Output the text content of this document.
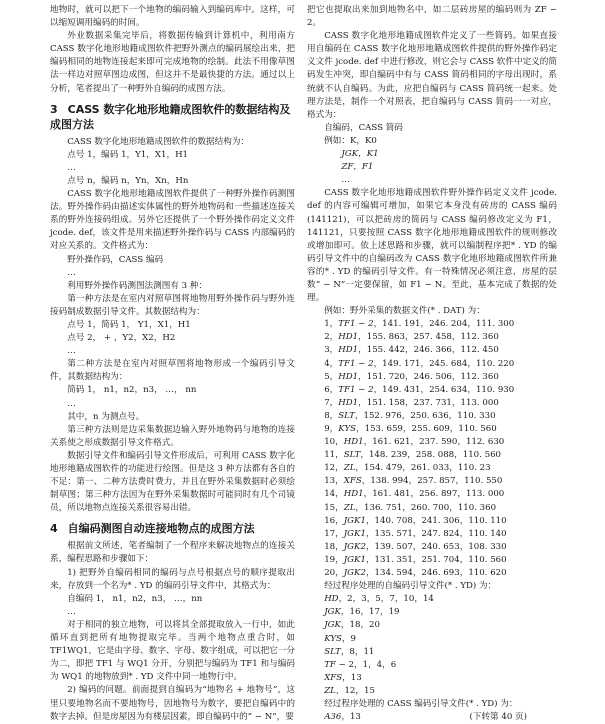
地物时，就可以把下一个地物的编码输入到编码库中。这样，可以缩短调用编码的时间。

外业数据采集完毕后，将数据传输到计算机中，利用南方CASS 数字化地形地籍成图软件把野外测点的编码展绘出来，把编码相同的地物连接起来即可完成地物的绘制。此法不用像草图法一样边对照草图边成图，但这并不是最快捷的方法。通过以上分析，笔者提出了一种野外自编码的成图方法。

3 CASS 数字化地形地籍成图软件的数据结构及成图方法

CASS 数字化地形地籍成图软件的数据结构为：

点号 1，编码 1，Y1，X1，H1

…

点号 n，编码 n，Yn，Xn，Hn

CASS 数字化地形地籍成图软件提供了一种野外操作码测图法。野外操作码由描述实体属性的野外地物码和一些描述连接关系的野外连接码组成。另外它还提供了一个野外操作码定义文件 jcode. def，该文件是用来描述野外操作码与 CASS 内部编码的对应关系的。文件格式为：

野外操作码，CASS 编码

…

利用野外操作码测图法测图有 3 种：

第一种方法是在室内对照草图将地物用野外操作码与野外连接码制成数据引导文件。其数据结构为：

点号 1，简码 1， Y1，X1，H1

点号 2， + ，Y2，X2，H2

…

第二种方法是在室内对照草图将地物形成一个编码引导文件，其数据结构为：

简码 1， n1，n2，n3， …， nn

…

其中，n 为测点号。

第三种方法则是边采集数据边输入野外地物码与地物的连接关系使之形成数据引导文件格式。

数据引导文件和编码引导文件形成后，可利用 CASS 数字化地形地籍成图软件的功能进行绘图。但是这 3 种方法都有各自的不足：第一、二种方法费时费力，并且在野外采集数据时必须绘制草图；第三种方法因为在野外采集数据时可能同时有几个司镜员，所以地物点连接关系很容易出错。

4 自编码测图自动连接地物点的成图方法

根据前文所述，笔者编制了一个程序来解决地物点的连接关系，编程思路和步骤如下：

1) 把野外自编码相同的编码与点号根据点号的顺序提取出来，存放到一个名为* . YD 的编码引导文件中，其格式为：

自编码 1， n1，n2，n3， …，nn

…

对于相同的独立地物，可以将其全部提取放入一行中，如此循环直到把所有地物提取完毕。当两个地物点重合时，如 TF1WQ1，它是由字母、数字、字母、数字组成，可以把它一分为二，即把 TF1 与 WQ1 分开，分别把与编码为 TF1 和与编码为 WQ1 的地物放到* . YD 文件中同一地物行中。

2) 编码的问题。前面提到自编码为“地物名 + 地物号”，这里只要地物名而不要地物号，因地物号为数字，要把自编码中的数字去掉。但是房屋因为有楼层因素，即自编码中的“ − N”，要

把它也提取出来加到地物名中，如二层砖房屋的编码则为 ZF − 2。

CASS 数字化地形地籍成图软件定义了一些简码。如果直接用自编码在 CASS 数字化地形地籍成图软件提供的野外操作码定义文件 jcode. def 中进行修改，则它会与 CASS 软件中定义的简码发生冲突，即自编码中有与 CASS 简码相同的字母出现时，系统就不认自编码。为此，应把自编码与 CASS 简码统一起来。处理方法是，制作一个对照表，把自编码与 CASS 简码一一对应，格式为：

自编码，CASS 简码

例如：K，K0

JGK，K1

ZF，F1

…

CASS 数字化地形地籍成图软件野外操作码定义文件 jcode. def 的内容可编辑可增加，如果它本身没有砖房的 CASS 编码(141121)，可以把砖房的简码与 CASS 编码修改定义为 F1，141121，只要按照 CASS 数字化地形地籍成图软件的规则修改或增加即可。依上述思路和步骤，就可以编制程序把* . YD 的编码引导文件中的自编码改为 CASS 数字化地形地籍成图软件所兼容的* . YD 的编码引导文件。有一特殊情况必须注意，房屋的层数“ − N”一定要保留，如 F1 − N。至此，基本完成了数据的处理。

例如：野外采集的数据文件(* . DAT) 为：

1，TF1 − 2，141. 191，246. 204，111. 300

2，HD1，155. 863，257. 458，112. 360

3，HD1，155. 442，246. 366，112. 450

4，TF1 − 2，149. 171，245. 684，110. 220

5，HD1，151. 720，246. 506，112. 360

6，TF1 − 2，149. 431，254. 634，110. 930

7，HD1，151. 158，237. 731，113. 000

8，SLT，152. 976，250. 636，110. 330

9，KYS，153. 659，255. 609，110. 560

10，HD1，161. 621，237. 590，112. 630

11，SLT，148. 239，258. 088，110. 560

12，ZL，154. 479，261. 033，110. 23

13，XFS，138. 994，257. 857，110. 550

14，HD1，161. 481，256. 897，113. 000

15，ZL，136. 751，260. 700，110. 360

16，JGK1，140. 708，241. 306，110. 110

17，JGK1，135. 571，247. 824，110. 140

18，JGK2，139. 507，240. 653，108. 330

19，JGK1，131. 351，251. 704，110. 560

20，JGK2，134. 594，246. 693，110. 620

经过程序处理的自编码引导文件(* . YD) 为：

HD，2，3，5，7，10，14

JGK，16，17，19

JGK，18，20

KYS，9

SLT，8，11

TF − 2，1，4，6

XFS，13

ZL，12，15

经过程序处理的 CASS 编码引导文件(* . YD) 为：

A36，13	(下转第 40 页)
